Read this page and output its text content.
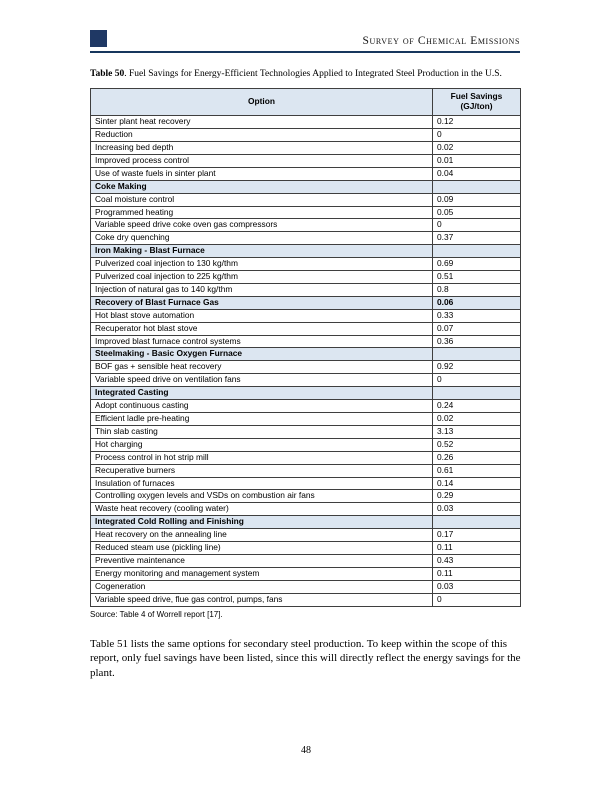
Survey of Chemical Emissions

Table 50. Fuel Savings for Energy-Efficient Technologies Applied to Integrated Steel Production in the U.S.

Option	Fuel Savings
(GJ/ton)
Sinter plant heat recovery	0.12
Reduction	0
Increasing bed depth	0.02
Improved process control	0.01
Use of waste fuels in sinter plant	0.04
Coke Making	
Coal moisture control	0.09
Programmed heating	0.05
Variable speed drive coke oven gas compressors	0
Coke dry quenching	0.37
Iron Making - Blast Furnace	
Pulverized coal injection to 130 kg/thm	0.69
Pulverized coal injection to 225 kg/thm	0.51
Injection of natural gas to 140 kg/thm	0.8
Recovery of Blast Furnace Gas	0.06
Hot blast stove automation	0.33
Recuperator hot blast stove	0.07
Improved blast furnace control systems	0.36
Steelmaking - Basic Oxygen Furnace	
BOF gas + sensible heat recovery	0.92
Variable speed drive on ventilation fans	0
Integrated Casting	
Adopt continuous casting	0.24
Efficient ladle pre-heating	0.02
Thin slab casting	3.13
Hot charging	0.52
Process control in hot strip mill	0.26
Recuperative burners	0.61
Insulation of furnaces	0.14
Controlling oxygen levels and VSDs on combustion air fans	0.29
Waste heat recovery (cooling water)	0.03
Integrated Cold Rolling and Finishing	
Heat recovery on the annealing line	0.17
Reduced steam use (pickling line)	0.11
Preventive maintenance	0.43
Energy monitoring and management system	0.11
Cogeneration	0.03
Variable speed drive, flue gas control, pumps, fans	0

Source: Table 4 of Worrell report [17].

Table 51 lists the same options for secondary steel production. To keep within the scope of this report, only fuel savings have been listed, since this will directly reflect the energy savings for the plant.

48
